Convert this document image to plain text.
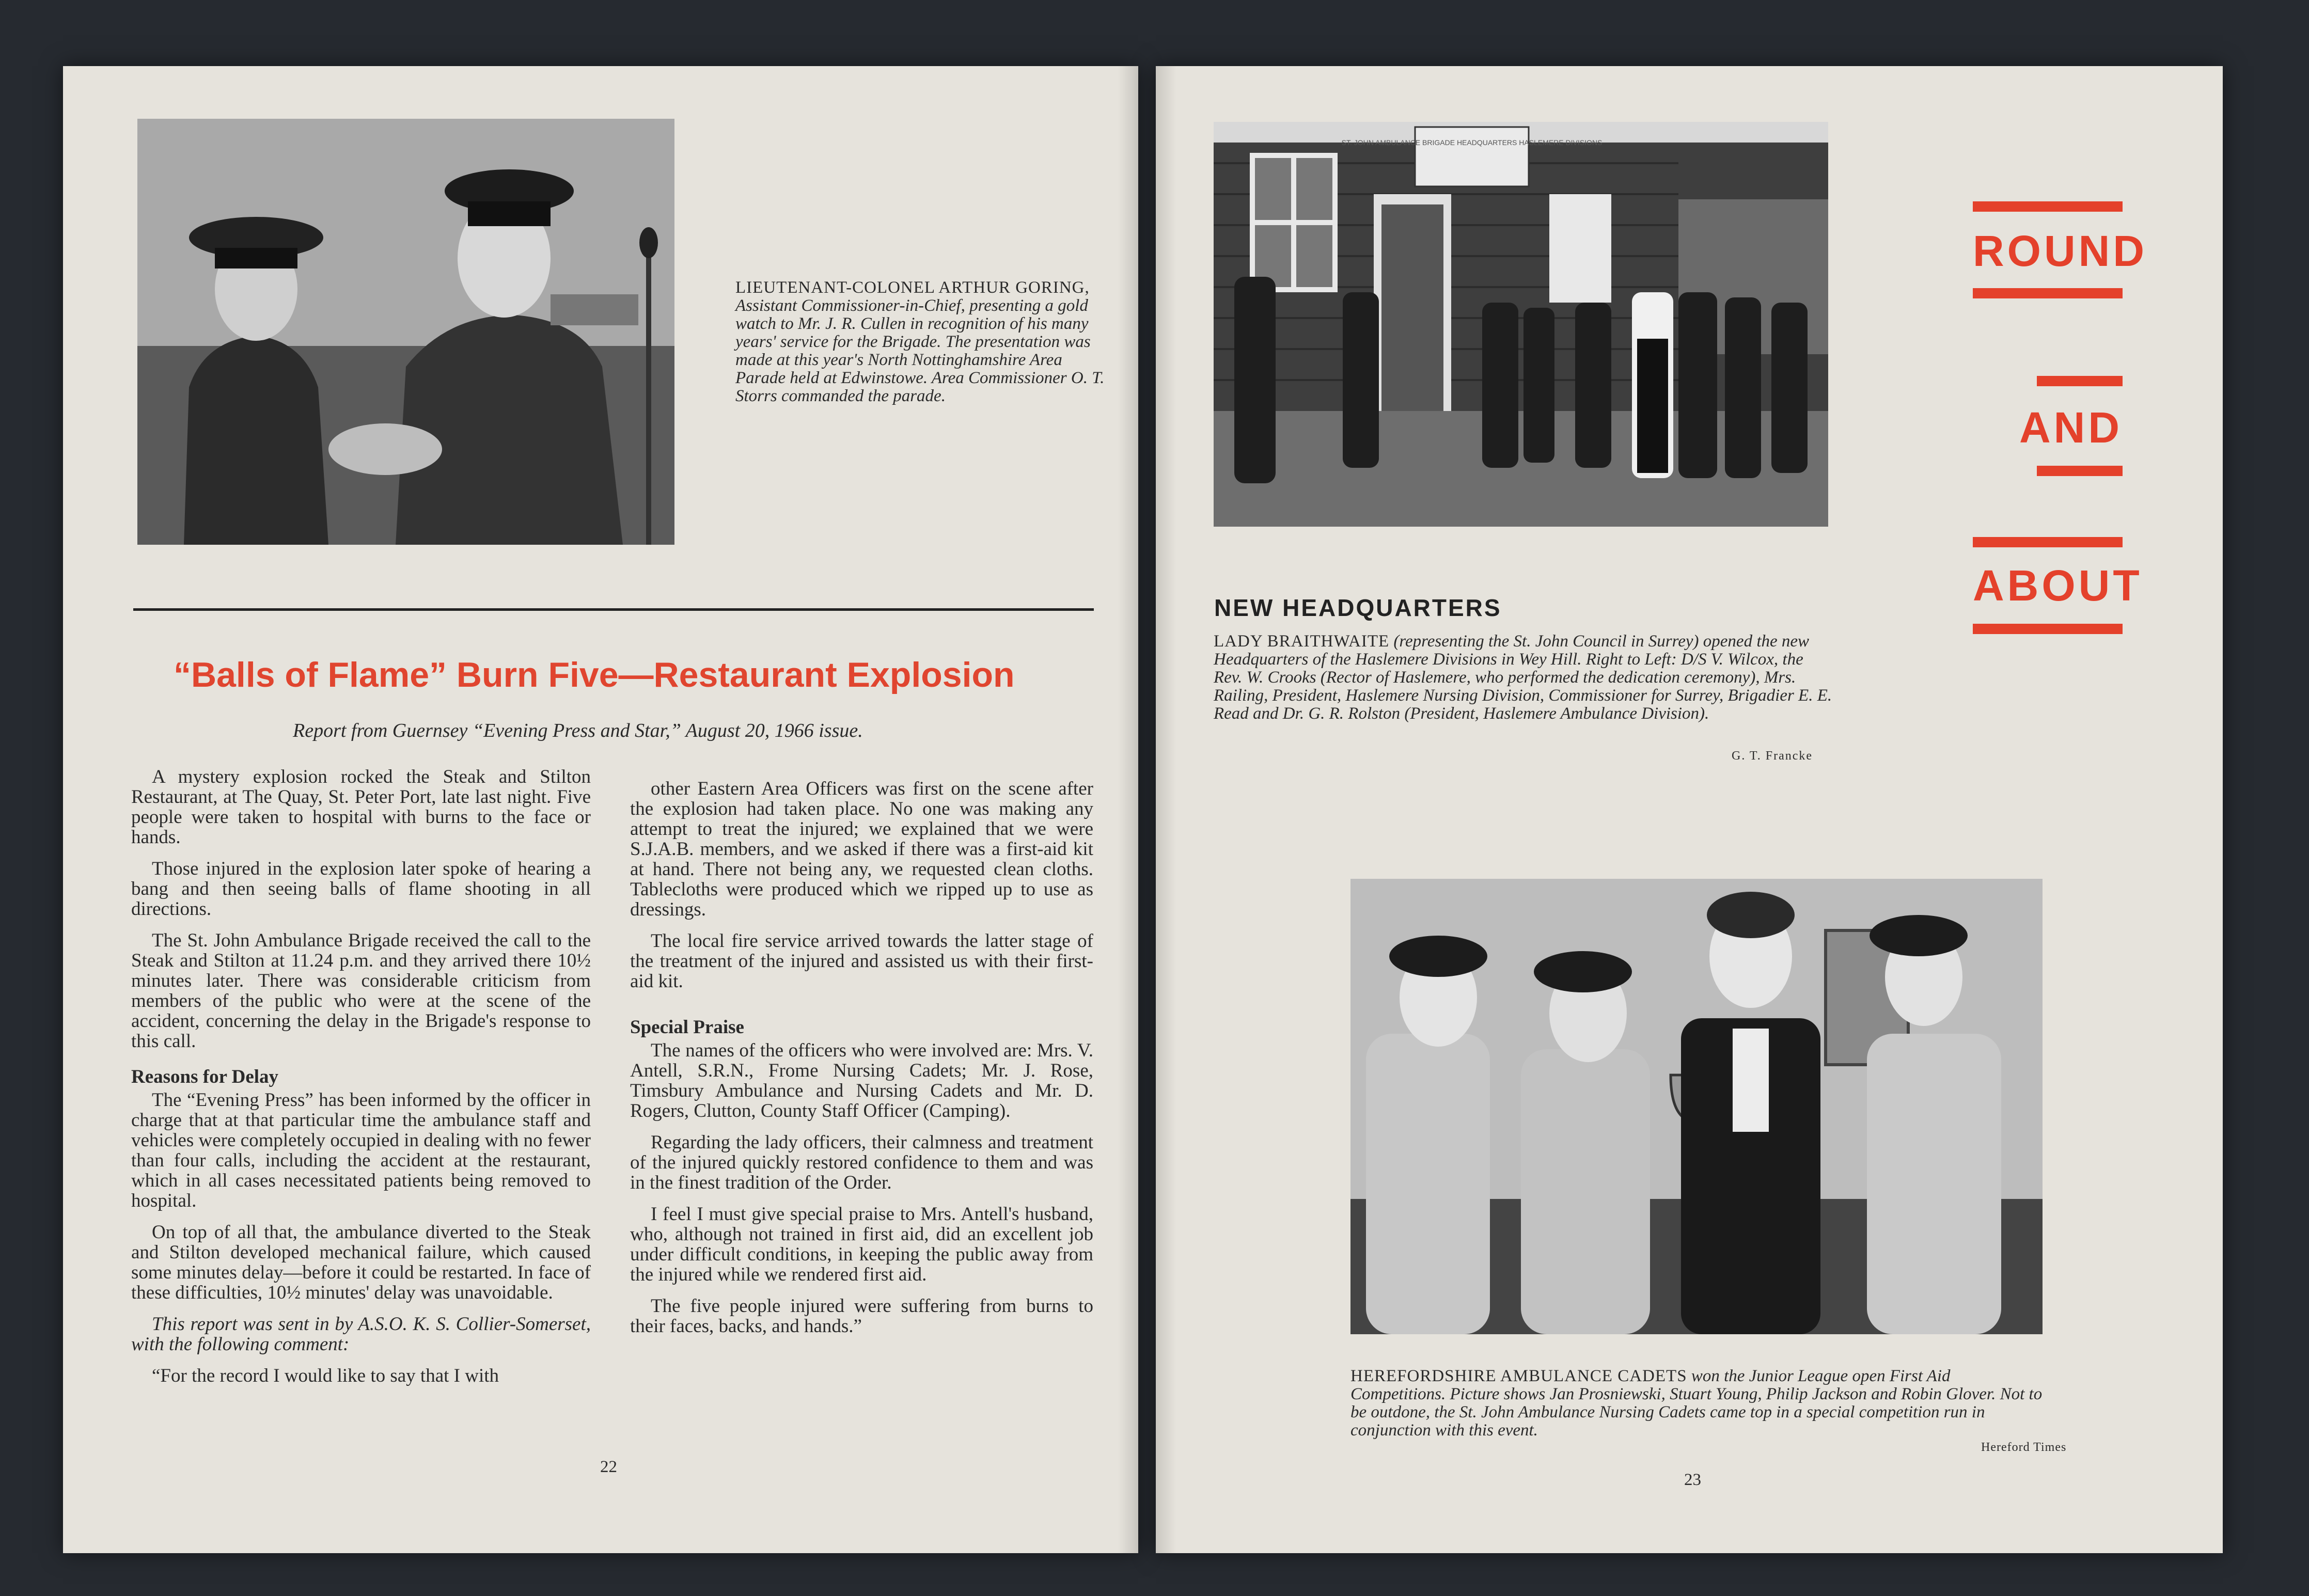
LIEUTENANT-COLONEL ARTHUR GORING, Assistant Commissioner-in-Chief, presenting a gold watch to Mr. J. R. Cullen in recognition of his many years' service for the Brigade. The presentation was made at this year's North Nottinghamshire Area Parade held at Edwinstowe. Area Commissioner O. T. Storrs commanded the parade.
“Balls of Flame” Burn Five—Restaurant Explosion
Report from Guernsey “Evening Press and Star,” August 20, 1966 issue.

A mystery explosion rocked the Steak and Stilton Restaurant, at The Quay, St. Peter Port, late last night. Five people were taken to hospital with burns to the face or hands.

Those injured in the explosion later spoke of hearing a bang and then seeing balls of flame shooting in all directions.

The St. John Ambulance Brigade received the call to the Steak and Stilton at 11.24 p.m. and they arrived there 10½ minutes later. There was considerable criticism from members of the public who were at the scene of the accident, concerning the delay in the Brigade's response to this call.

Reasons for Delay

The “Evening Press” has been informed by the officer in charge that at that particular time the ambulance staff and vehicles were completely occupied in dealing with no fewer than four calls, including the accident at the restaurant, which in all cases necessitated patients being removed to hospital.

On top of all that, the ambulance diverted to the Steak and Stilton developed mechanical failure, which caused some minutes delay—before it could be restarted. In face of these difficulties, 10½ minutes' delay was unavoidable.

This report was sent in by A.S.O. K. S. Collier-Somerset, with the following comment:

“For the record I would like to say that I with

other Eastern Area Officers was first on the scene after the explosion had taken place. No one was making any attempt to treat the injured; we explained that we were S.J.A.B. members, and we asked if there was a first-aid kit at hand. There not being any, we requested clean cloths. Tablecloths were produced which we ripped up to use as dressings.

The local fire service arrived towards the latter stage of the treatment of the injured and assisted us with their first-aid kit.

Special Praise

The names of the officers who were involved are: Mrs. V. Antell, S.R.N., Frome Nursing Cadets; Mr. J. Rose, Timsbury Ambulance and Nursing Cadets and Mr. D. Rogers, Clutton, County Staff Officer (Camping).

Regarding the lady officers, their calmness and treatment of the injured quickly restored confidence to them and was in the finest tradition of the Order.

I feel I must give special praise to Mrs. Antell's husband, who, although not trained in first aid, did an excellent job under difficult conditions, in keeping the public away from the injured while we rendered first aid.

The five people injured were suffering from burns to their faces, backs, and hands.”

22
ST. JOHN AMBULANCE BRIGADE HEADQUARTERS HASLEMERE DIVISIONS
NEW HEADQUARTERS
LADY BRAITHWAITE (representing the St. John Council in Surrey) opened the new Headquarters of the Haslemere Divisions in Wey Hill. Right to Left: D/S V. Wilcox, the Rev. W. Crooks (Rector of Haslemere, who performed the dedication ceremony), Mrs. Railing, President, Haslemere Nursing Division, Commissioner for Surrey, Brigadier E. E. Read and Dr. G. R. Rolston (President, Haslemere Ambulance Division).
G. T. Francke
HEREFORDSHIRE AMBULANCE CADETS won the Junior League open First Aid Competitions. Picture shows Jan Prosniewski, Stuart Young, Philip Jackson and Robin Glover. Not to be outdone, the St. John Ambulance Nursing Cadets came top in a special competition run in conjunction with this event.
Hereford Times
23
ROUND
AND
ABOUT
